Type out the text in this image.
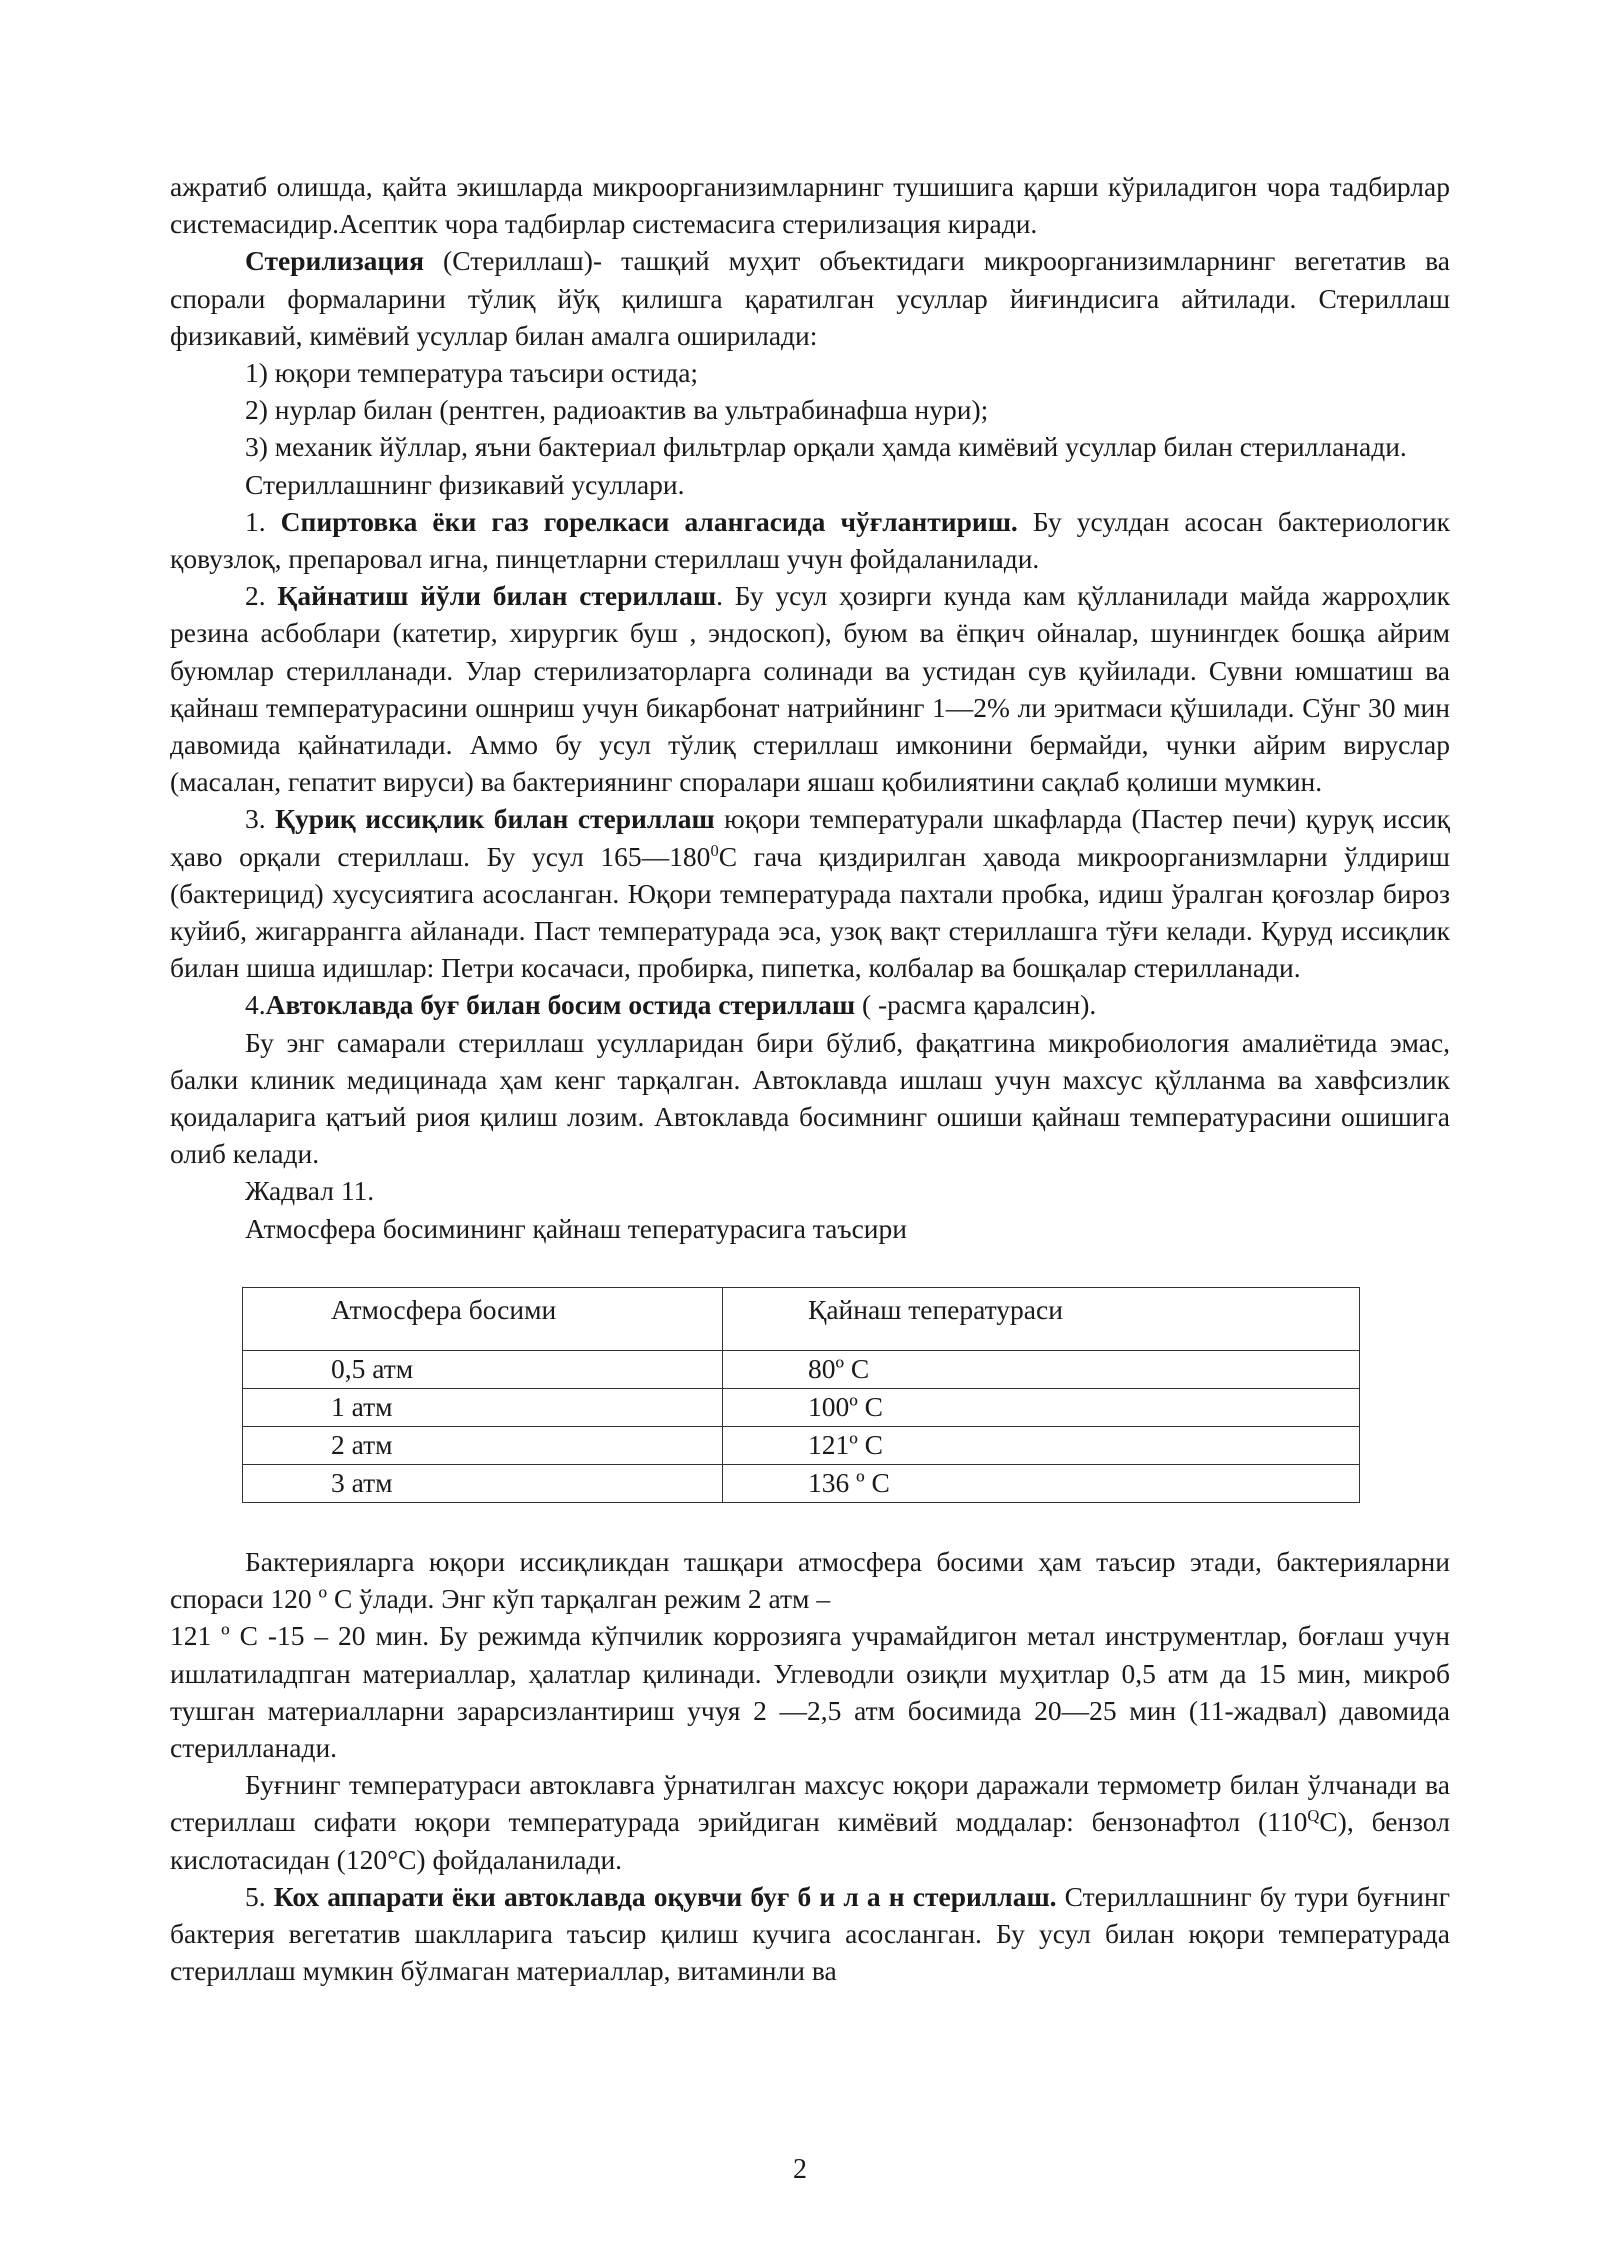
ажратиб олишда, қайта экишларда микроорганизимларнинг тушишига қарши кўриладигон чора тадбирлар системасидир.Асептик чора тадбирлар системасига стерилизация киради.

Стерилизация (Стериллаш)- ташқий муҳит объектидаги микроорганизимларнинг вегетатив ва спорали формаларини тўлиқ йўқ қилишга қаратилган усуллар йиғиндисига айтилади. Стериллаш физикавий, кимёвий усуллар билан амалга оширилади:

1) юқори температура таъсири остида;

2) нурлар билан (рентген, радиоактив ва ультрабинафша нури);

3) механик йўллар, яъни бактериал фильтрлар орқали ҳамда кимёвий усуллар билан стерилланади.

Стериллашнинг физикавий усуллари.

1. Спиртовка ёки газ горелкаси алангасида чўғлантириш. Бу усулдан асосан бактериологик қовузлоқ, препаровал игна, пинцетларни стериллаш учун фойдаланилади.

2. Қайнатиш йўли билан стериллаш. Бу усул ҳозирги кунда кам қўлланилади майда жарроҳлик резина асбоблари (катетир, хирургик буш , эндоскоп), буюм ва ёпқич ойналар, шунингдек бошқа айрим буюмлар стерилланади. Улар стерилизаторларга солинади ва устидан сув қуйилади. Сувни юмшатиш ва қайнаш температурасини ошнриш учун бикарбонат натрийнинг 1—2% ли эритмаси қўшилади. Сўнг 30 мин давомида қайнатилади. Аммо бу усул тўлиқ стериллаш имконини бермайди, чунки айрим вируслар (масалан, гепатит вируси) ва бактериянинг споралари яшаш қобилиятини сақлаб қолиши мумкин.

3. Қуриқ иссиқлик билан стериллаш юқори температурали шкафларда (Пастер печи) қуруқ иссиқ ҳаво орқали стериллаш. Бу усул $165—180^0С$ гача қиздирилган ҳавода микроорганизмларни ўлдириш (бактерицид) хусусиятига асосланган. Юқори температурада пахтали пробка, идиш ўралган қоғозлар бироз куйиб, жигаррангга айланади. Паст температурада эса, узоқ вақт стериллашга тўғи келади. Қуруд иссиқлик билан шиша идишлар: Петри косачаси, пробирка, пипетка, колбалар ва бошқалар стерилланади.

4.Автоклавда буғ билан босим остида стериллаш ( -расмга қаралсин).

Бу энг самарали стериллаш усулларидан бири бўлиб, фақатгина микробиология амалиётида эмас, балки клиник медицинада ҳам кенг тарқалган. Автоклавда ишлаш учун махсус қўлланма ва хавфсизлик қоидаларига қатъий риоя қилиш лозим. Автоклавда босимнинг ошиши қайнаш температурасини ошишига олиб келади.

Жадвал 11.

Атмосфера босимининг қайнаш тепературасига таъсири

Атмосфера босими	Қайнаш теператураси
0,5 атм	80º С
1 атм	100º С
2 атм	121º С
3 атм	136 º С

Бактерияларга юқори иссиқликдан ташқари атмосфера босими ҳам таъсир этади, бактерияларни спораси 120 º С ўлади. Энг кўп тарқалган режим 2 атм –

121 º С -15 – 20 мин. Бу режимда кўпчилик коррозияга учрамайдигон метал инструментлар, боғлаш учун ишлатиладпган материаллар, ҳалатлар қилинади. Углеводли озиқли муҳитлар 0,5 атм да 15 мин, микроб тушган материалларни зарарсизлантириш учуя 2 —2,5 атм босимида 20—25 мин (11-жадвал) давомида стерилланади.

Буғнинг температураси автоклавга ўрнатилган махсус юқори даражали термометр билан ўлчанади ва стериллаш сифати юқори температурада эрийдиган кимёвий моддалар: бензонафтол $(110^QС)$, бензол кислотасидан (120°С) фойдаланилади.

5. Кох аппарати ёки автоклавда оқувчи буғ б и л а н стериллаш. Стериллашнинг бу тури буғнинг бактерия вегетатив шаклларига таъсир қилиш кучига асосланган. Бу усул билан юқори температурада стериллаш мумкин бўлмаган материаллар, витаминли ва

2
